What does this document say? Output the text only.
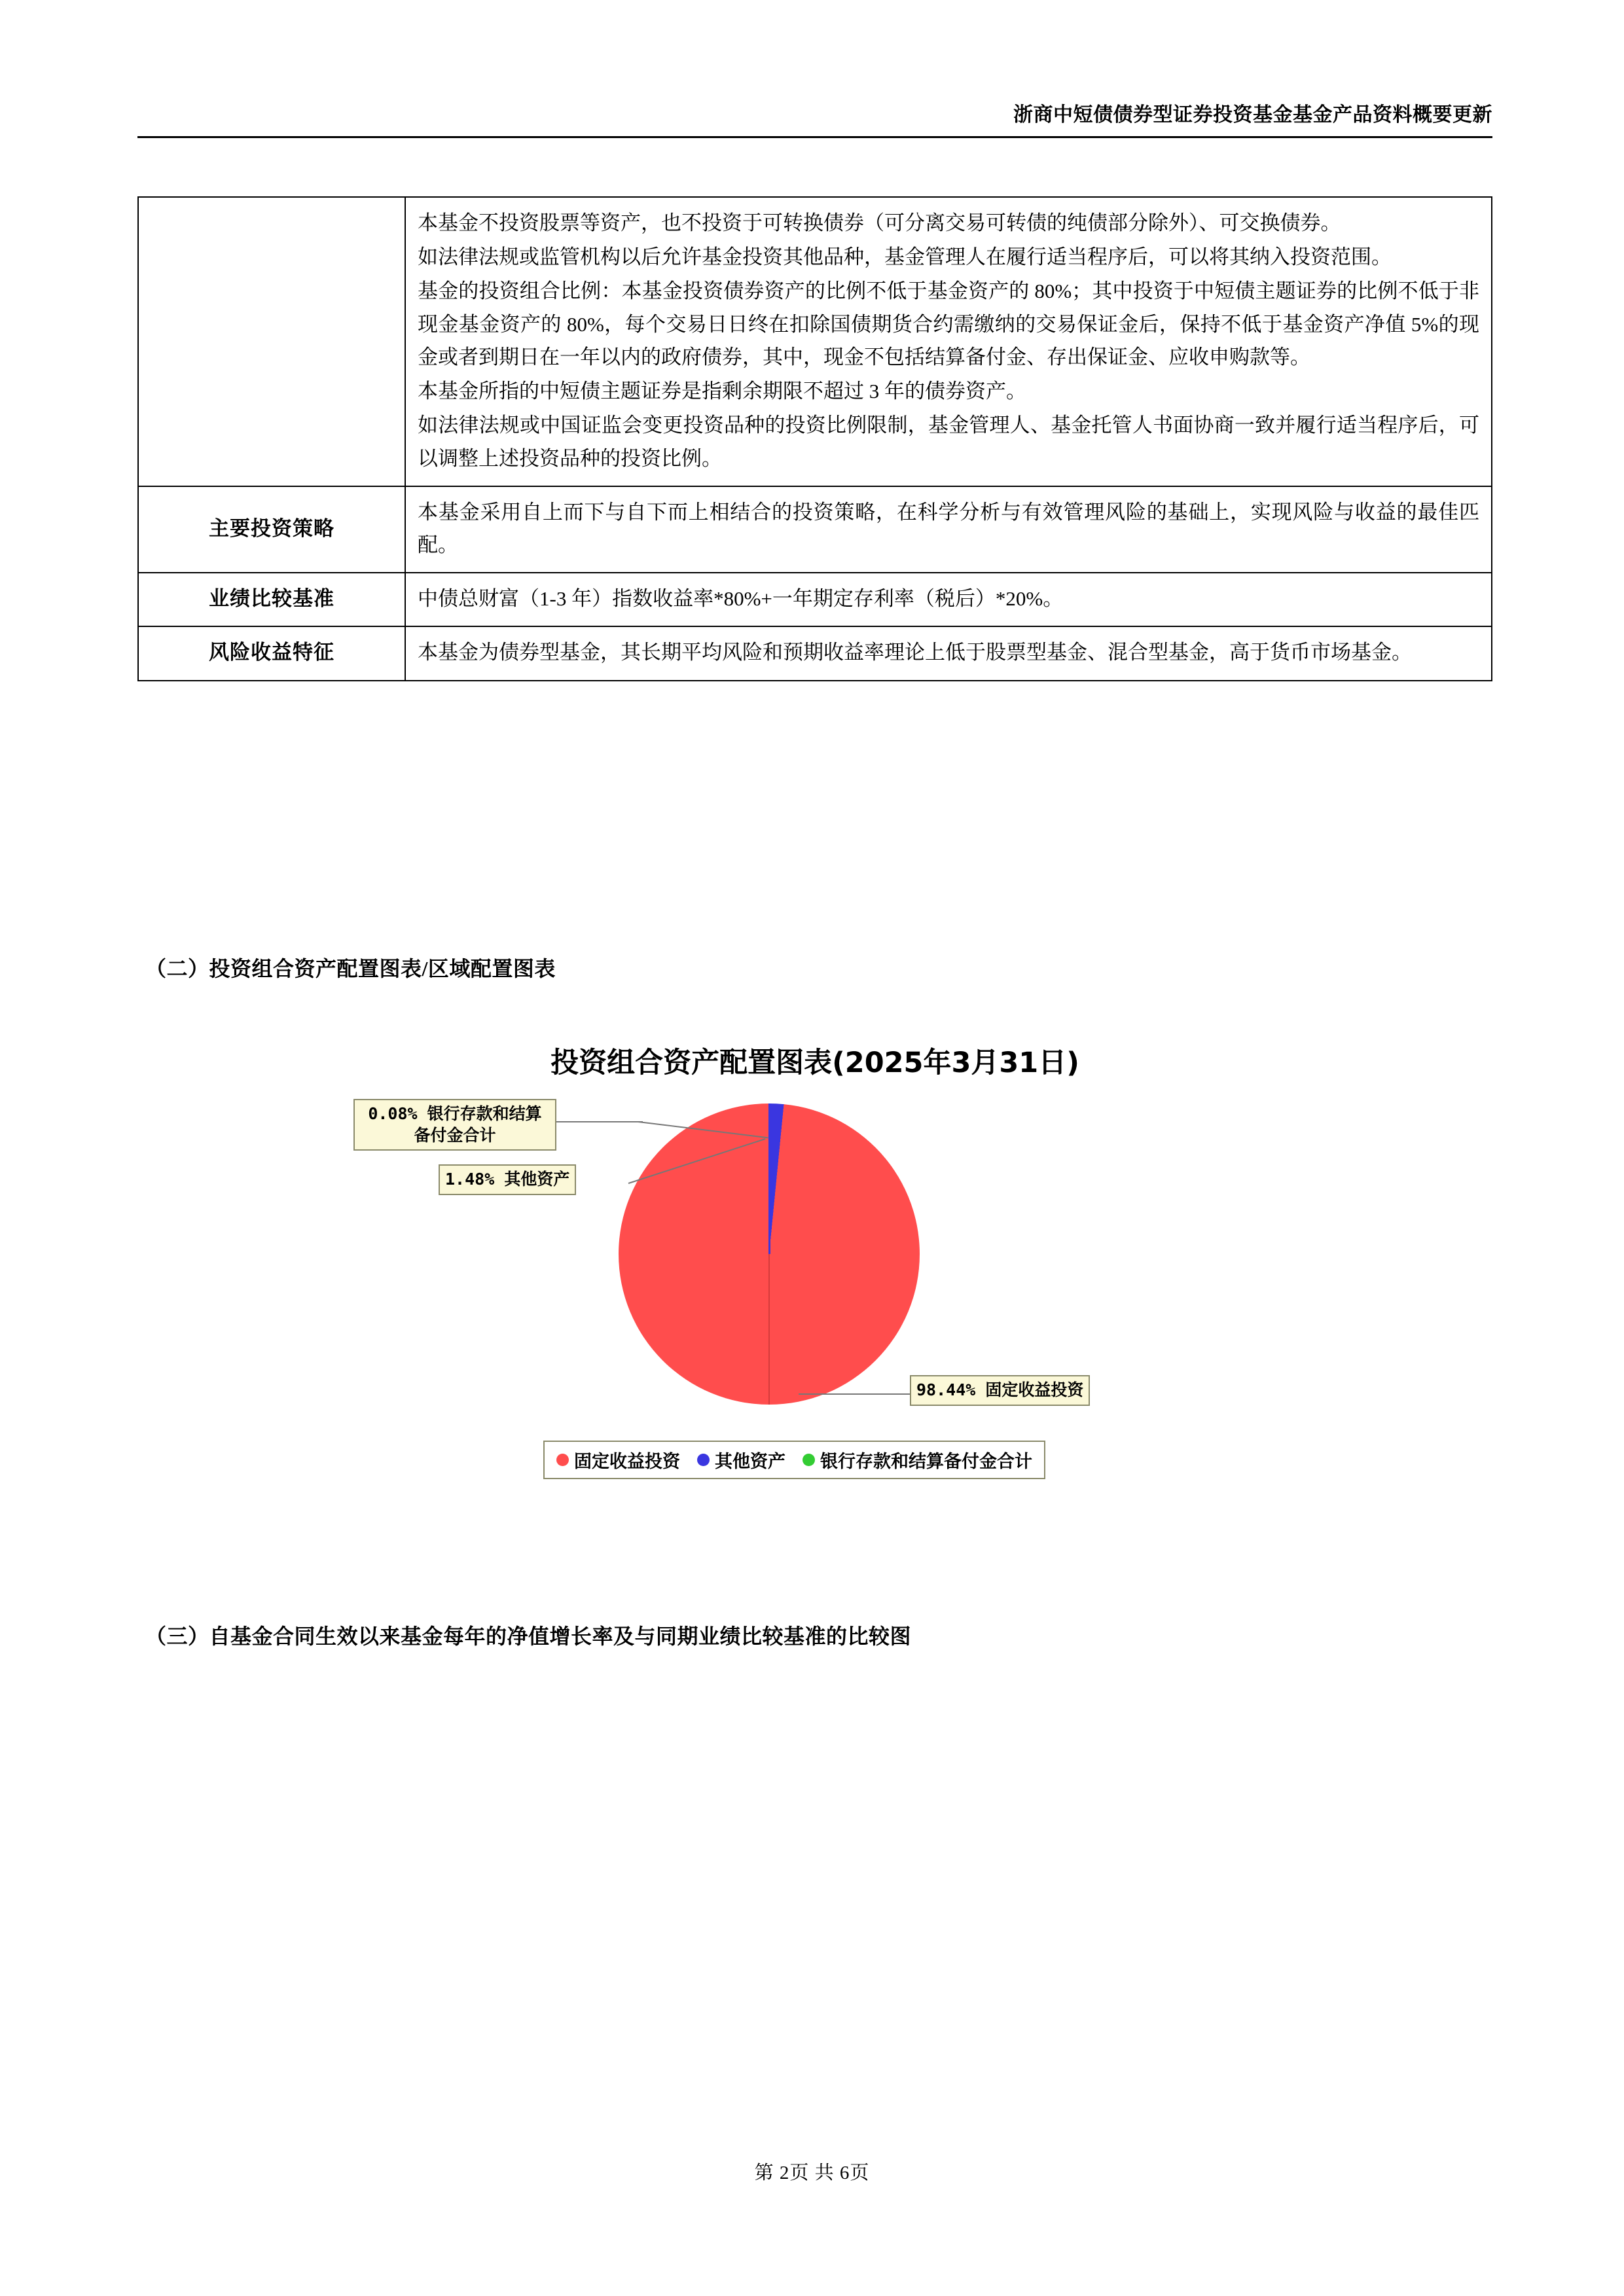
浙商中短债债券型证券投资基金基金产品资料概要更新

	本基金不投资股票等资产，也不投资于可转换债券（可分离交易可转债的纯债部分除外）、可交换债券。

如法律法规或监管机构以后允许基金投资其他品种，基金管理人在履行适当程序后，可以将其纳入投资范围。

基金的投资组合比例：本基金投资债券资产的比例不低于基金资产的 80%；其中投资于中短债主题证券的比例不低于非现金基金资产的 80%，每个交易日日终在扣除国债期货合约需缴纳的交易保证金后，保持不低于基金资产净值 5%的现金或者到期日在一年以内的政府债券，其中，现金不包括结算备付金、存出保证金、应收申购款等。

本基金所指的中短债主题证券是指剩余期限不超过 3 年的债券资产。

如法律法规或中国证监会变更投资品种的投资比例限制，基金管理人、基金托管人书面协商一致并履行适当程序后，可以调整上述投资品种的投资比例。

主要投资策略	本基金采用自上而下与自下而上相结合的投资策略，在科学分析与有效管理风险的基础上，实现风险与收益的最佳匹配。

业绩比较基准	中债总财富（1-3 年）指数收益率*80%+一年期定存利率（税后）*20%。

风险收益特征	本基金为债券型基金，其长期平均风险和预期收益率理论上低于股票型基金、混合型基金，高于货币市场基金。

（二）投资组合资产配置图表/区域配置图表
投资组合资产配置图表(2025年3月31日)
0.08% 银行存款和结算备付金合计
1.48% 其他资产
98.44% 固定收益投资
固定收益投资 其他资产 银行存款和结算备付金合计
（三）自基金合同生效以来基金每年的净值增长率及与同期业绩比较基准的比较图
第 2页 共 6页
